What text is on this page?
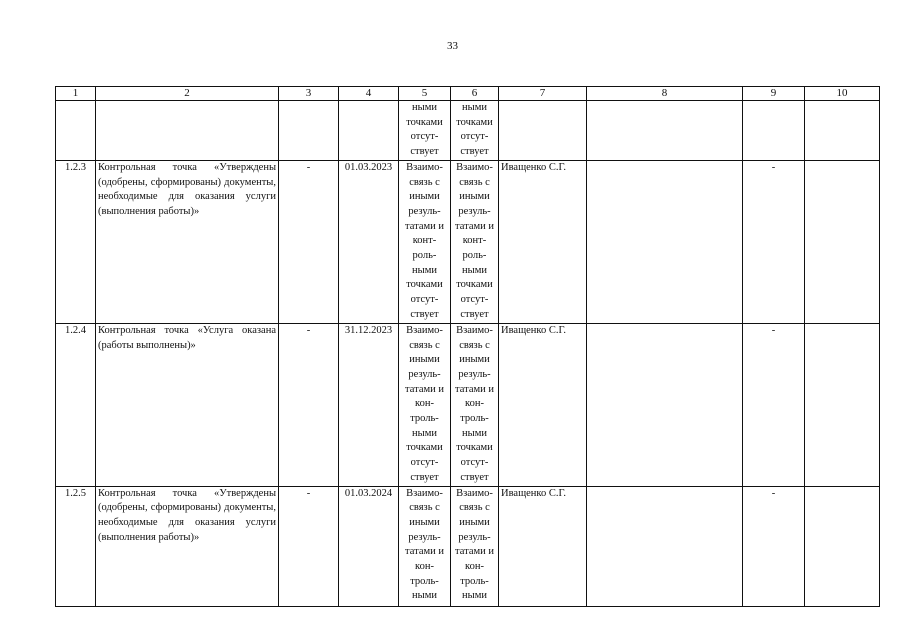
33
1	2	3	4	5	6	7	8	9	10
				ными точками отсут-ствует	ными точками отсут-ствует				
1.2.3	Контрольная точка «Утверждены (одобрены, сформированы) документы, необходимые для оказания услуги (выполнения работы)»	-	01.03.2023	Взаимо-связь с иными резуль-татами и конт-роль-ными точками отсут-ствует	Взаимо-связь с иными резуль-татами и конт-роль-ными точками отсут-ствует	Иващенко С.Г.		-	
1.2.4	Контрольная точка «Услуга оказана (работы выполнены)»	-	31.12.2023	Взаимо-связь с иными резуль-татами и кон-троль-ными точками отсут-ствует	Взаимо-связь с иными резуль-татами и кон-троль-ными точками отсут-ствует	Иващенко С.Г.		-	
1.2.5	Контрольная точка «Утверждены (одобрены, сформированы) документы, необходимые для оказания услуги (выполнения работы)»	-	01.03.2024	Взаимо-связь с иными резуль-татами и кон-троль-ными	Взаимо-связь с иными резуль-татами и кон-троль-ными	Иващенко С.Г.		-	
